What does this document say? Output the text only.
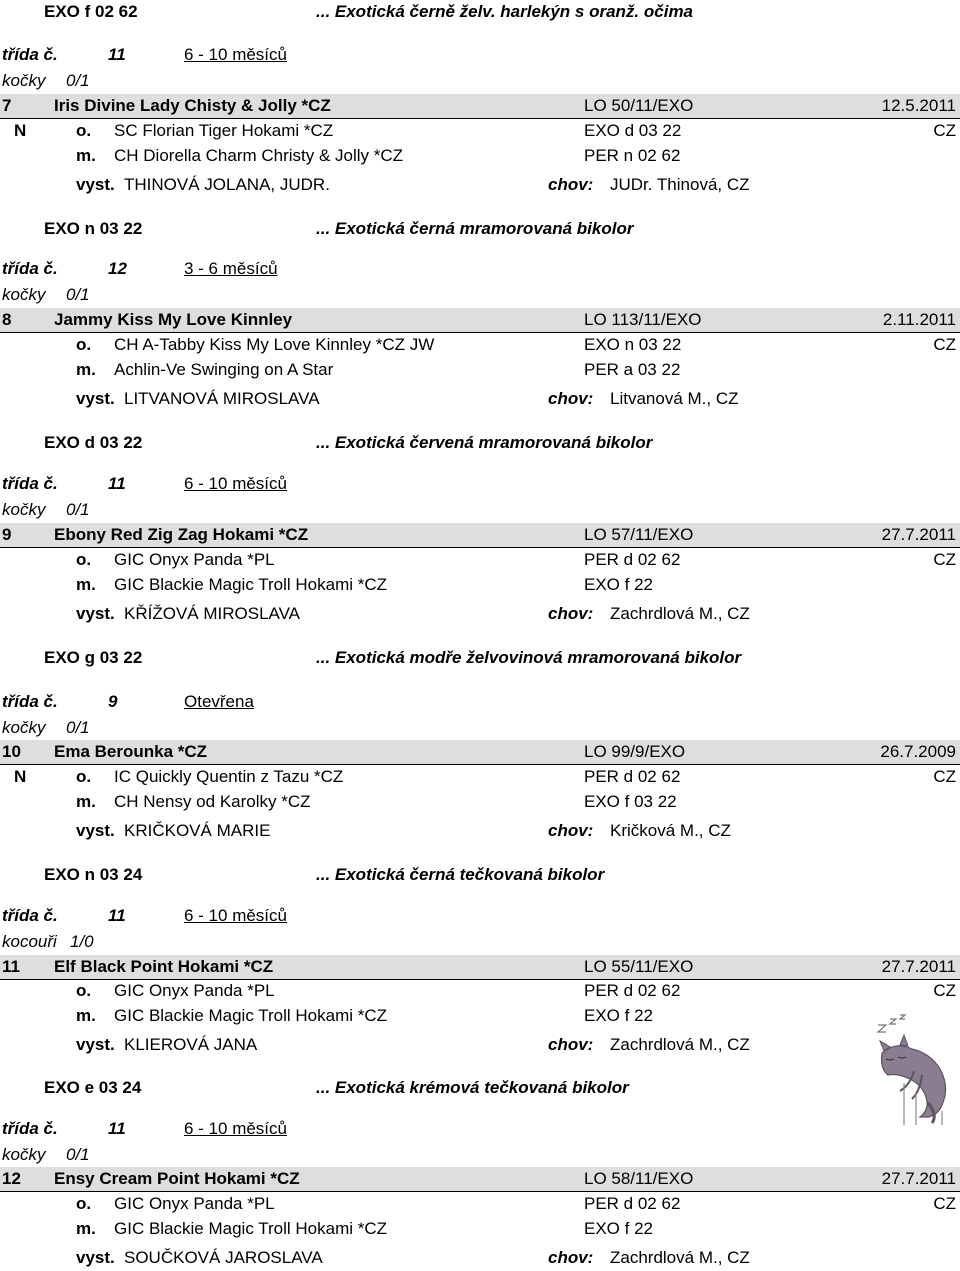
EXO f 02 62	... Exotická černě želv. harlekýn s oranž. očima
třída č.	11	6 - 10 měsíců
kočky 0/1
7	Iris Divine Lady Chisty & Jolly *CZ	LO 50/11/EXO	12.5.2011
N	o. SC Florian Tiger Hokami *CZ	EXO d 03 22	CZ
m. CH Diorella Charm Christy & Jolly *CZ	PER n 02 62
vyst. THINOVÁ JOLANA, JUDR.	chov: JUDr. Thinová, CZ
EXO n 03 22	... Exotická černá mramorovaná bikolor
třída č.	12	3 - 6 měsíců
kočky 0/1
8	Jammy Kiss My Love Kinnley	LO 113/11/EXO	2.11.2011
o. CH A-Tabby Kiss My Love Kinnley *CZ JW	EXO n 03 22	CZ
m. Achlin-Ve Swinging on A Star	PER a 03 22
vyst. LITVANOVÁ MIROSLAVA	chov: Litvanová M., CZ
EXO d 03 22	... Exotická červená mramorovaná bikolor
třída č.	11	6 - 10 měsíců
kočky 0/1
9	Ebony Red Zig Zag Hokami *CZ	LO 57/11/EXO	27.7.2011
o. GIC Onyx Panda *PL	PER d 02 62	CZ
m. GIC Blackie Magic Troll Hokami *CZ	EXO f 22
vyst. KŘÍŽOVÁ MIROSLAVA	chov: Zachrdlová M., CZ
EXO g 03 22	... Exotická modře želvovinová mramorovaná bikolor
třída č.	9	Otevřena
kočky 0/1
10 Ema Berounka *CZ	LO 99/9/EXO	26.7.2009
N	o. IC Quickly Quentin z Tazu *CZ	PER d 02 62	CZ
m. CH Nensy od Karolky *CZ	EXO f 03 22
vyst. KRIČKOVÁ MARIE	chov: Kričková M., CZ
EXO n 03 24	... Exotická černá tečkovaná bikolor
třída č.	11	6 - 10 měsíců
kocouři 1/0
11 Elf Black Point Hokami *CZ	LO 55/11/EXO	27.7.2011
o. GIC Onyx Panda *PL	PER d 02 62	CZ
m. GIC Blackie Magic Troll Hokami *CZ	EXO f 22
vyst. KLIEROVÁ JANA	chov: Zachrdlová M., CZ
EXO e 03 24	... Exotická krémová tečkovaná bikolor
třída č.	11	6 - 10 měsíců
kočky 0/1
12 Ensy Cream Point Hokami *CZ	LO 58/11/EXO	27.7.2011
o. GIC Onyx Panda *PL	PER d 02 62	CZ
m. GIC Blackie Magic Troll Hokami *CZ	EXO f 22
vyst. SOUČKOVÁ JAROSLAVA	chov: Zachrdlová M., CZ
